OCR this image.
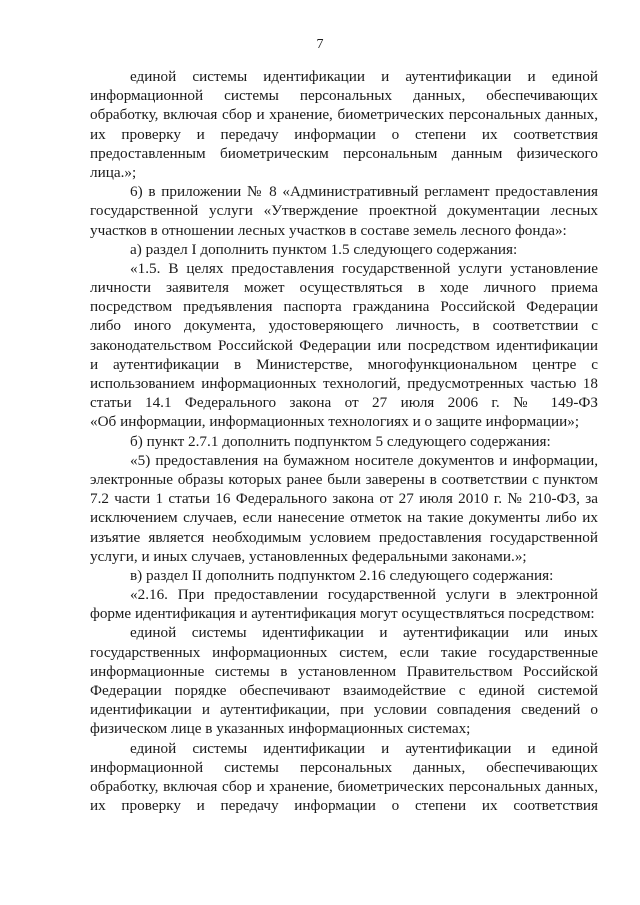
7
единой системы идентификации и аутентификации и единой
информационной системы персональных данных, обеспечивающих
обработку, включая сбор и хранение, биометрических персональных данных,
их проверку и передачу информации о степени их соответствия
предоставленным биометрическим персональным данным физического
лица.»;
6) в приложении № 8 «Административный регламент предоставления
государственной услуги «Утверждение проектной документации лесных
участков в отношении лесных участков в составе земель лесного фонда»:
а) раздел I дополнить пунктом 1.5 следующего содержания:
«1.5. В целях предоставления государственной услуги установление
личности заявителя может осуществляться в ходе личного приема
посредством предъявления паспорта гражданина Российской Федерации
либо иного документа, удостоверяющего личность, в соответствии с
законодательством Российской Федерации или посредством идентификации
и аутентификации в Министерстве, многофункциональном центре с
использованием информационных технологий, предусмотренных частью 18
статьи 14.1 Федерального закона от 27 июля 2006 г. № 149-ФЗ
«Об информации, информационных технологиях и о защите информации»;
б) пункт 2.7.1 дополнить подпунктом 5 следующего содержания:
«5) предоставления на бумажном носителе документов и информации,
электронные образы которых ранее были заверены в соответствии с пунктом
7.2 части 1 статьи 16 Федерального закона от 27 июля 2010 г. № 210-ФЗ, за
исключением случаев, если нанесение отметок на такие документы либо их
изъятие является необходимым условием предоставления государственной
услуги, и иных случаев, установленных федеральными законами.»;
в) раздел II дополнить подпунктом 2.16 следующего содержания:
«2.16. При предоставлении государственной услуги в электронной
форме идентификация и аутентификация могут осуществляться посредством:
единой системы идентификации и аутентификации или иных
государственных информационных систем, если такие государственные
информационные системы в установленном Правительством Российской
Федерации порядке обеспечивают взаимодействие с единой системой
идентификации и аутентификации, при условии совпадения сведений о
физическом лице в указанных информационных системах;
единой системы идентификации и аутентификации и единой
информационной системы персональных данных, обеспечивающих
обработку, включая сбор и хранение, биометрических персональных данных,
их проверку и передачу информации о степени их соответствия
